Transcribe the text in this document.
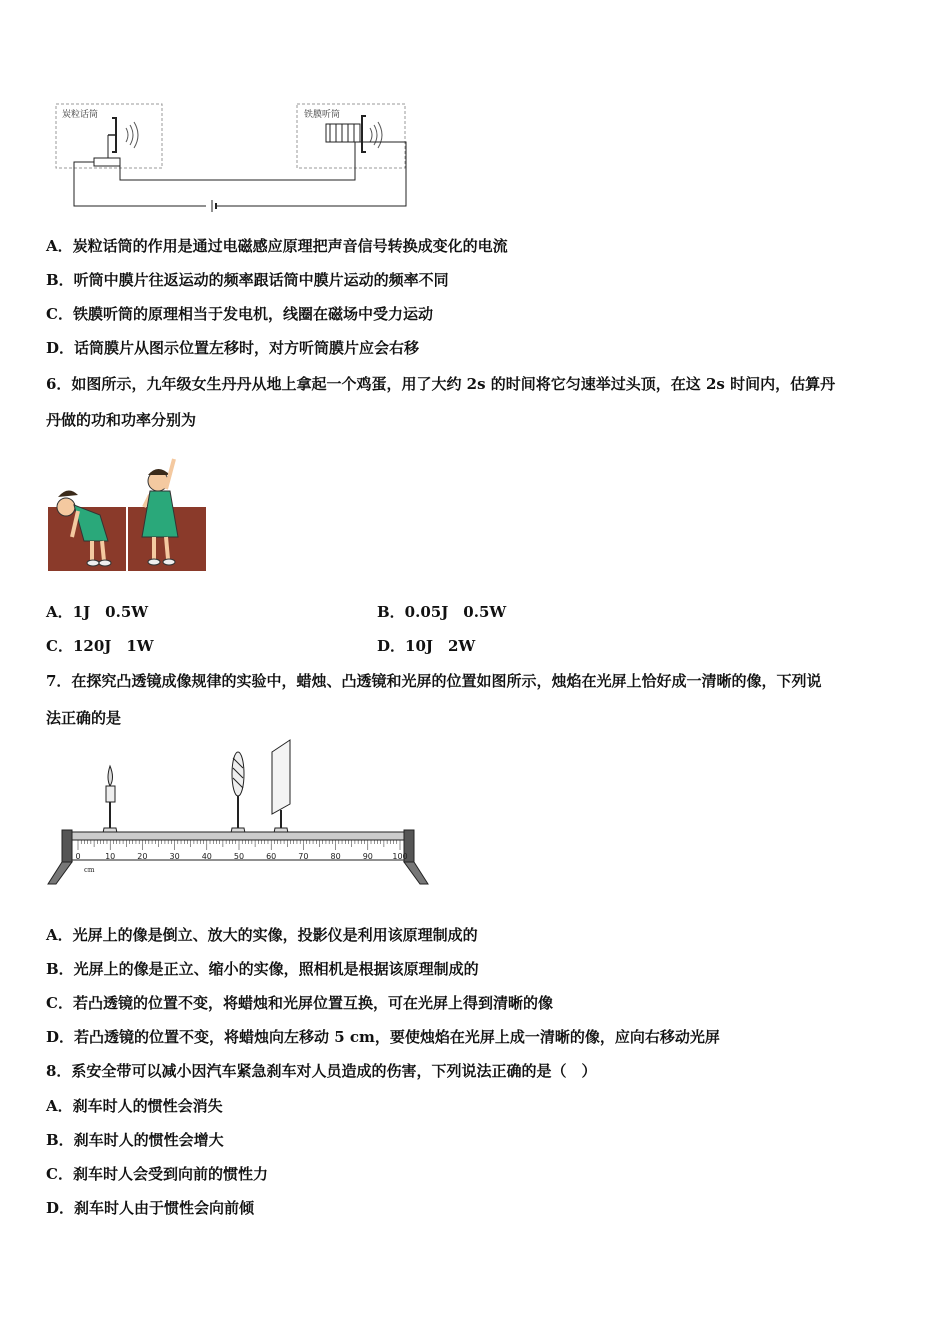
炭粒话筒	铁膜听筒
A．炭粒话筒的作用是通过电磁感应原理把声音信号转换成变化的电流
B．听筒中膜片往返运动的频率跟话筒中膜片运动的频率不同
C．铁膜听筒的原理相当于发电机，线圈在磁场中受力运动
D．话筒膜片从图示位置左移时，对方听筒膜片应会右移
6．如图所示，九年级女生丹丹从地上拿起一个鸡蛋，用了大约 2s 的时间将它匀速举过头顶，在这 2s 时间内，估算丹
丹做的功和功率分别为
A．1J　0.5W	B．0.05J　0.5W
C．120J　1W	D．10J　2W
7．在探究凸透镜成像规律的实验中，蜡烛、凸透镜和光屏的位置如图所示，烛焰在光屏上恰好成一清晰的像，下列说
法正确的是
0	10	20	30	40	50	60	70	80	90 100
cm
A．光屏上的像是倒立、放大的实像，投影仪是利用该原理制成的
B．光屏上的像是正立、缩小的实像，照相机是根据该原理制成的
C．若凸透镜的位置不变，将蜡烛和光屏位置互换，可在光屏上得到清晰的像
D．若凸透镜的位置不变，将蜡烛向左移动 5 cm，要使烛焰在光屏上成一清晰的像，应向右移动光屏
8．系安全带可以减小因汽车紧急刹车对人员造成的伤害，下列说法正确的是（　）
A．刹车时人的惯性会消失
B．刹车时人的惯性会增大
C．刹车时人会受到向前的惯性力
D．刹车时人由于惯性会向前倾
